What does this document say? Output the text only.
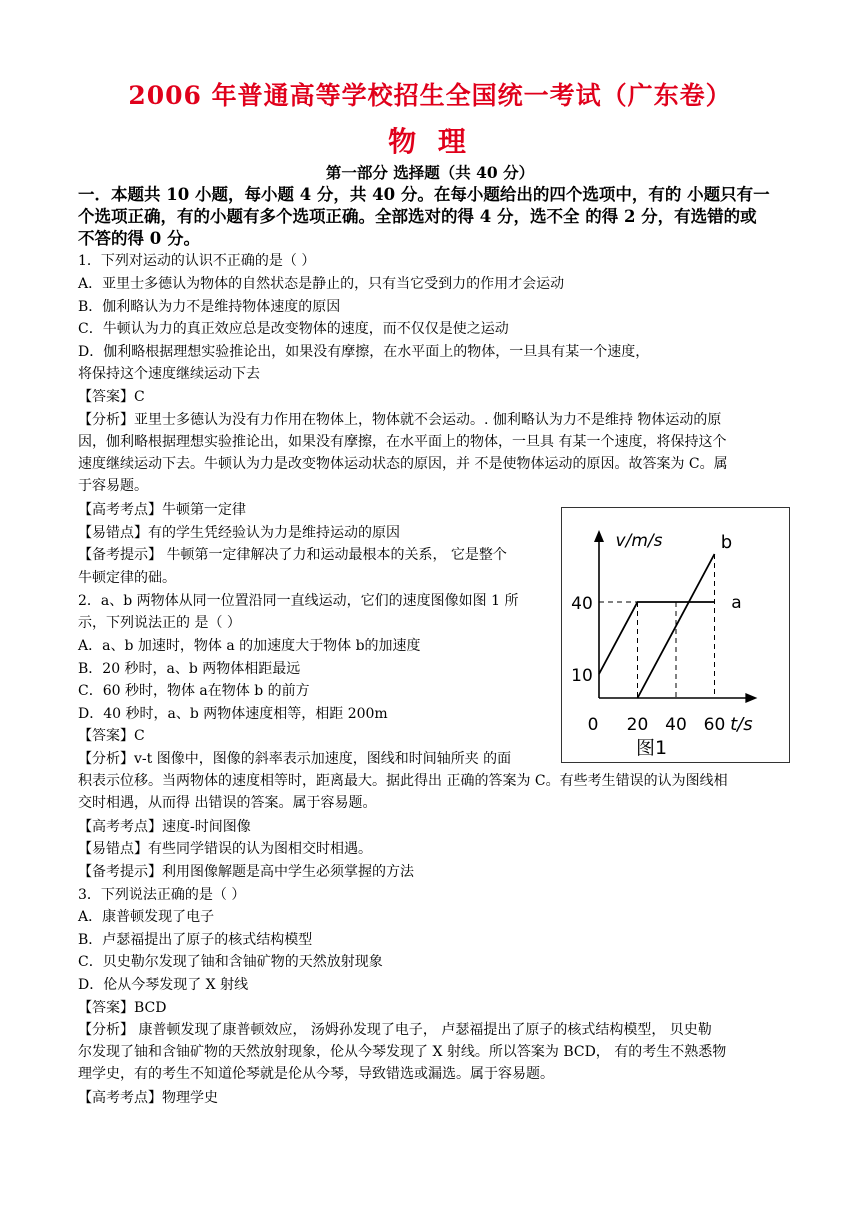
2006 年普通高等学校招生全国统一考试（广东卷）
物 理
第一部分 选择题（共 40 分）
一．本题共 10 小题，每小题 4 分，共 40 分。在每小题给出的四个选项中，有的 小题只有一
个选项正确，有的小题有多个选项正确。全部选对的得 4 分，选不全 的得 2 分，有选错的或
不答的得 0 分。
1．下列对运动的认识不正确的是（ ）
A．亚里士多德认为物体的自然状态是静止的，只有当它受到力的作用才会运动
B．伽利略认为力不是维持物体速度的原因
C．牛顿认为力的真正效应总是改变物体的速度，而不仅仅是使之运动
D．伽利略根据理想实验推论出，如果没有摩擦，在水平面上的物体，一旦具有某一个速度，
将保持这个速度继续运动下去
【答案】C
【分析】亚里士多德认为没有力作用在物体上，物体就不会运动。. 伽利略认为力不是维持 物体运动的原
因，伽利略根据理想实验推论出，如果没有摩擦，在水平面上的物体，一旦具 有某一个速度，将保持这个
速度继续运动下去。牛顿认为力是改变物体运动状态的原因，并 不是使物体运动的原因。故答案为 C。属
于容易题。
【高考考点】牛顿第一定律
【易错点】有的学生凭经验认为力是维持运动的原因
【备考提示】 牛顿第一定律解决了力和运动最根本的关系， 它是整个
牛顿定律的础。
2．a、b 两物体从同一位置沿同一直线运动，它们的速度图像如图 1 所
示，下列说法正的 是（ ）
A．a、b 加速时，物体 a 的加速度大于物体 b的加速度
B．20 秒时，a、b 两物体相距最远
C．60 秒时，物体 a在物体 b 的前方
D．40 秒时，a、b 两物体速度相等，相距 200m
【答案】C
【分析】v-t 图像中，图像的斜率表示加速度，图线和时间轴所夹 的面
积表示位移。当两物体的速度相等时，距离最大。据此得出 正确的答案为 C。有些考生错误的认为图线相
交时相遇，从而得 出错误的答案。属于容易题。
【高考考点】速度-时间图像
【易错点】有些同学错误的认为图相交时相遇。
【备考提示】利用图像解题是高中学生必须掌握的方法
3．下列说法正确的是（ ）
A．康普顿发现了电子
B．卢瑟福提出了原子的核式结构模型
C．贝史勒尔发现了铀和含铀矿物的天然放射现象
D．伦从今琴发现了 X 射线
【答案】BCD
【分析】 康普顿发现了康普顿效应， 汤姆孙发现了电子， 卢瑟福提出了原子的核式结构模型， 贝史勒
尔发现了铀和含铀矿物的天然放射现象，伦从今琴发现了 X 射线。所以答案为 BCD， 有的考生不熟悉物
理学史，有的考生不知道伦琴就是伦从今琴，导致错选或漏选。属于容易题。
【高考考点】物理学史
a
b
0 20 40 60
10
40
v/m/s
t/s
图1
